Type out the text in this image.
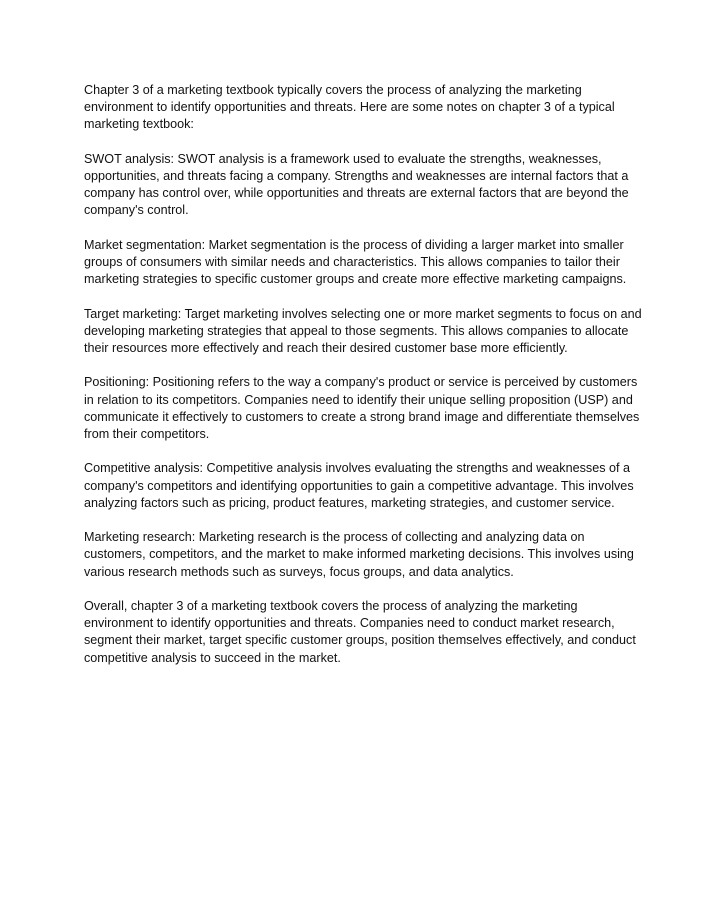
Chapter 3 of a marketing textbook typically covers the process of analyzing the marketing environment to identify opportunities and threats. Here are some notes on chapter 3 of a typical marketing textbook:

SWOT analysis: SWOT analysis is a framework used to evaluate the strengths, weaknesses, opportunities, and threats facing a company. Strengths and weaknesses are internal factors that a company has control over, while opportunities and threats are external factors that are beyond the company's control.

Market segmentation: Market segmentation is the process of dividing a larger market into smaller groups of consumers with similar needs and characteristics. This allows companies to tailor their marketing strategies to specific customer groups and create more effective marketing campaigns.

Target marketing: Target marketing involves selecting one or more market segments to focus on and developing marketing strategies that appeal to those segments. This allows companies to allocate their resources more effectively and reach their desired customer base more efficiently.

Positioning: Positioning refers to the way a company's product or service is perceived by customers in relation to its competitors. Companies need to identify their unique selling proposition (USP) and communicate it effectively to customers to create a strong brand image and differentiate themselves from their competitors.

Competitive analysis: Competitive analysis involves evaluating the strengths and weaknesses of a company's competitors and identifying opportunities to gain a competitive advantage. This involves analyzing factors such as pricing, product features, marketing strategies, and customer service.

Marketing research: Marketing research is the process of collecting and analyzing data on customers, competitors, and the market to make informed marketing decisions. This involves using various research methods such as surveys, focus groups, and data analytics.

Overall, chapter 3 of a marketing textbook covers the process of analyzing the marketing environment to identify opportunities and threats. Companies need to conduct market research, segment their market, target specific customer groups, position themselves effectively, and conduct competitive analysis to succeed in the market.
